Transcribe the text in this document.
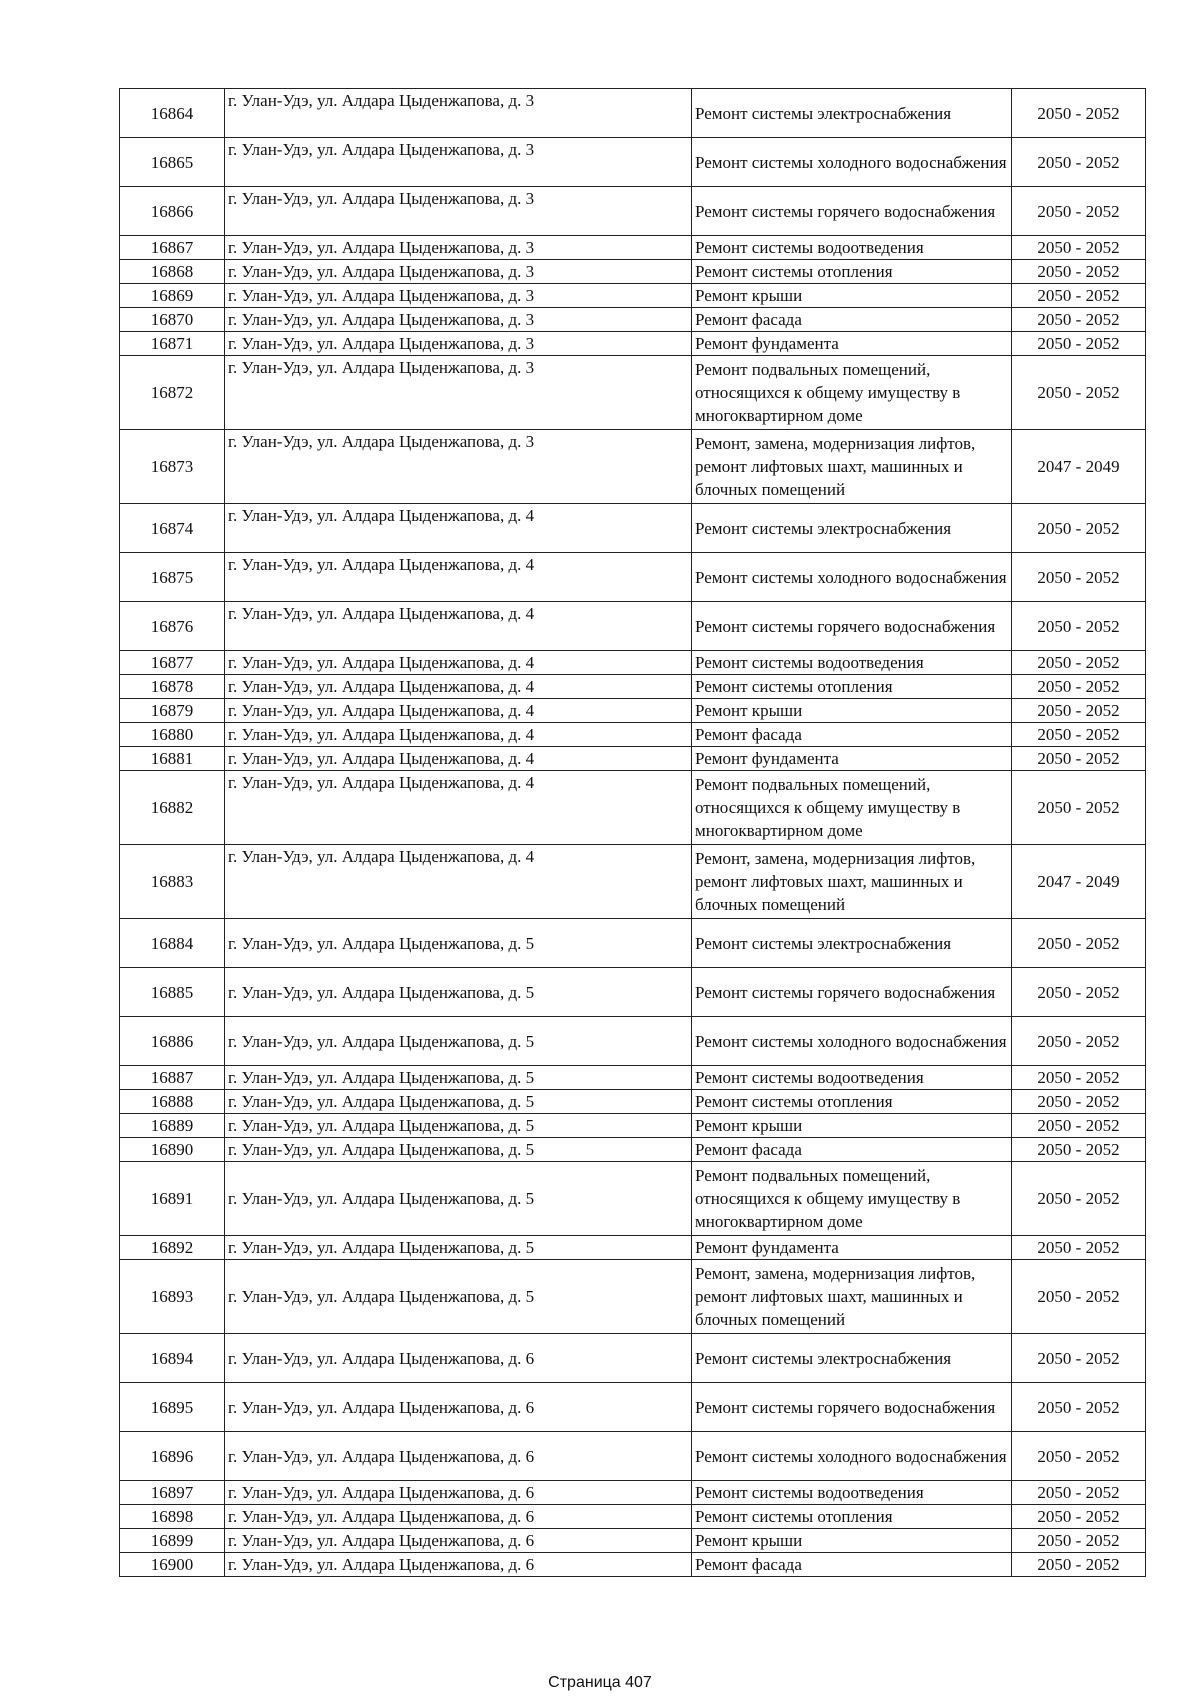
16864	г. Улан-Удэ, ул. Алдара Цыденжапова, д. 3	Ремонт системы электроснабжения	2050 - 2052
16865	г. Улан-Удэ, ул. Алдара Цыденжапова, д. 3	Ремонт системы холодного водоснабжения	2050 - 2052
16866	г. Улан-Удэ, ул. Алдара Цыденжапова, д. 3	Ремонт системы горячего водоснабжения	2050 - 2052
16867	г. Улан-Удэ, ул. Алдара Цыденжапова, д. 3	Ремонт системы водоотведения	2050 - 2052
16868	г. Улан-Удэ, ул. Алдара Цыденжапова, д. 3	Ремонт системы отопления	2050 - 2052
16869	г. Улан-Удэ, ул. Алдара Цыденжапова, д. 3	Ремонт крыши	2050 - 2052
16870	г. Улан-Удэ, ул. Алдара Цыденжапова, д. 3	Ремонт фасада	2050 - 2052
16871	г. Улан-Удэ, ул. Алдара Цыденжапова, д. 3	Ремонт фундамента	2050 - 2052
16872	г. Улан-Удэ, ул. Алдара Цыденжапова, д. 3	Ремонт подвальных помещений, относящихся к общему имуществу в многоквартирном доме	2050 - 2052
16873	г. Улан-Удэ, ул. Алдара Цыденжапова, д. 3	Ремонт, замена, модернизация лифтов, ремонт лифтовых шахт, машинных и блочных помещений	2047 - 2049
16874	г. Улан-Удэ, ул. Алдара Цыденжапова, д. 4	Ремонт системы электроснабжения	2050 - 2052
16875	г. Улан-Удэ, ул. Алдара Цыденжапова, д. 4	Ремонт системы холодного водоснабжения	2050 - 2052
16876	г. Улан-Удэ, ул. Алдара Цыденжапова, д. 4	Ремонт системы горячего водоснабжения	2050 - 2052
16877	г. Улан-Удэ, ул. Алдара Цыденжапова, д. 4	Ремонт системы водоотведения	2050 - 2052
16878	г. Улан-Удэ, ул. Алдара Цыденжапова, д. 4	Ремонт системы отопления	2050 - 2052
16879	г. Улан-Удэ, ул. Алдара Цыденжапова, д. 4	Ремонт крыши	2050 - 2052
16880	г. Улан-Удэ, ул. Алдара Цыденжапова, д. 4	Ремонт фасада	2050 - 2052
16881	г. Улан-Удэ, ул. Алдара Цыденжапова, д. 4	Ремонт фундамента	2050 - 2052
16882	г. Улан-Удэ, ул. Алдара Цыденжапова, д. 4	Ремонт подвальных помещений, относящихся к общему имуществу в многоквартирном доме	2050 - 2052
16883	г. Улан-Удэ, ул. Алдара Цыденжапова, д. 4	Ремонт, замена, модернизация лифтов, ремонт лифтовых шахт, машинных и блочных помещений	2047 - 2049
16884	г. Улан-Удэ, ул. Алдара Цыденжапова, д. 5	Ремонт системы электроснабжения	2050 - 2052
16885	г. Улан-Удэ, ул. Алдара Цыденжапова, д. 5	Ремонт системы горячего водоснабжения	2050 - 2052
16886	г. Улан-Удэ, ул. Алдара Цыденжапова, д. 5	Ремонт системы холодного водоснабжения	2050 - 2052
16887	г. Улан-Удэ, ул. Алдара Цыденжапова, д. 5	Ремонт системы водоотведения	2050 - 2052
16888	г. Улан-Удэ, ул. Алдара Цыденжапова, д. 5	Ремонт системы отопления	2050 - 2052
16889	г. Улан-Удэ, ул. Алдара Цыденжапова, д. 5	Ремонт крыши	2050 - 2052
16890	г. Улан-Удэ, ул. Алдара Цыденжапова, д. 5	Ремонт фасада	2050 - 2052
16891	г. Улан-Удэ, ул. Алдара Цыденжапова, д. 5	Ремонт подвальных помещений, относящихся к общему имуществу в многоквартирном доме	2050 - 2052
16892	г. Улан-Удэ, ул. Алдара Цыденжапова, д. 5	Ремонт фундамента	2050 - 2052
16893	г. Улан-Удэ, ул. Алдара Цыденжапова, д. 5	Ремонт, замена, модернизация лифтов, ремонт лифтовых шахт, машинных и блочных помещений	2050 - 2052
16894	г. Улан-Удэ, ул. Алдара Цыденжапова, д. 6	Ремонт системы электроснабжения	2050 - 2052
16895	г. Улан-Удэ, ул. Алдара Цыденжапова, д. 6	Ремонт системы горячего водоснабжения	2050 - 2052
16896	г. Улан-Удэ, ул. Алдара Цыденжапова, д. 6	Ремонт системы холодного водоснабжения	2050 - 2052
16897	г. Улан-Удэ, ул. Алдара Цыденжапова, д. 6	Ремонт системы водоотведения	2050 - 2052
16898	г. Улан-Удэ, ул. Алдара Цыденжапова, д. 6	Ремонт системы отопления	2050 - 2052
16899	г. Улан-Удэ, ул. Алдара Цыденжапова, д. 6	Ремонт крыши	2050 - 2052
16900	г. Улан-Удэ, ул. Алдара Цыденжапова, д. 6	Ремонт фасада	2050 - 2052
Страница 407
